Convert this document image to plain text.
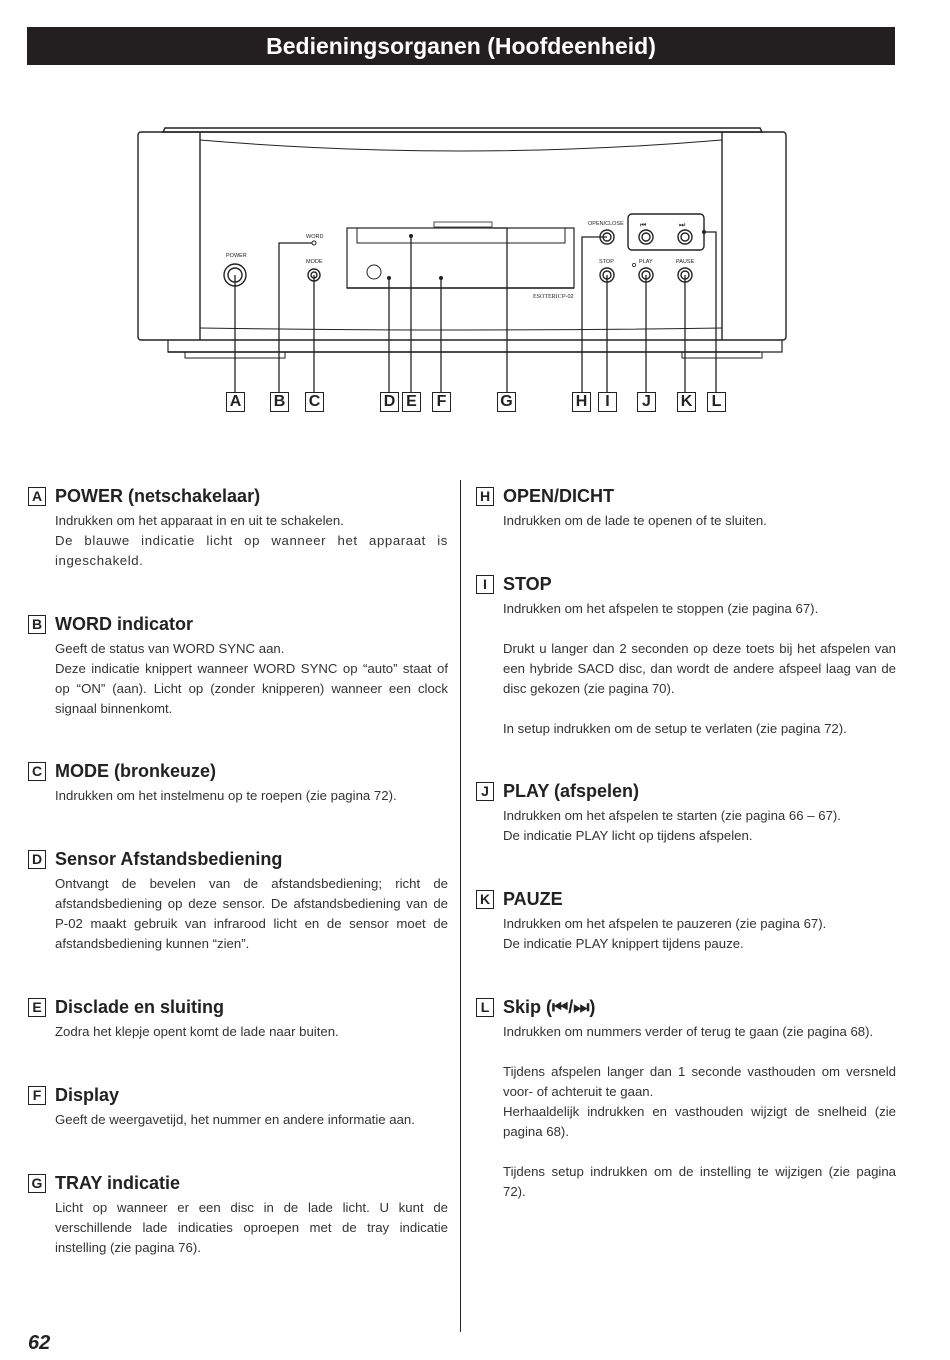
Bedieningsorganen (Hoofdeenheid)
POWER
WORD
MODE
OPEN/CLOSE
STOP	PLAY	PAUSE
ESOTERIC P-02
⏮	⏭
A B C	D E F	G	H	I	J	K L
A POWER (netschakelaar)

Indrukken om het apparaat in en uit te schakelen.

De blauwe indicatie licht op wanneer het apparaat is ingeschakeld.

B WORD indicator

Geeft de status van WORD SYNC aan.

Deze indicatie knippert wanneer WORD SYNC op “auto” staat of op “ON” (aan). Licht op (zonder knipperen) wanneer een clock signaal binnenkomt.

C MODE (bronkeuze)

Indrukken om het instelmenu op te roepen (zie pagina 72).

D Sensor Afstandsbediening

Ontvangt de bevelen van de afstandsbediening; richt de afstandsbediening op deze sensor. De afstandsbediening van de P-02 maakt gebruik van infrarood licht en de sensor moet de afstandsbediening kunnen “zien”.

E Disclade en sluiting

Zodra het klepje opent komt de lade naar buiten.

F Display

Geeft de weergavetijd, het nummer en andere informatie aan.

G TRAY indicatie

Licht op wanneer er een disc in de lade licht. U kunt de verschillende lade indicaties oproepen met de tray indicatie instelling (zie pagina 76).

H OPEN/DICHT

Indrukken om de lade te openen of te sluiten.

I STOP

Indrukken om het afspelen te stoppen (zie pagina 67).

Drukt u langer dan 2 seconden op deze toets bij het afspelen van een hybride SACD disc, dan wordt de andere afspeel laag van de disc gekozen (zie pagina 70).

In setup indrukken om de setup te verlaten (zie pagina 72).

J PLAY (afspelen)

Indrukken om het afspelen te starten (zie pagina 66 – 67).

De indicatie PLAY licht op tijdens afspelen.

K PAUZE

Indrukken om het afspelen te pauzeren (zie pagina 67).

De indicatie PLAY knippert tijdens pauze.

L Skip (⏮/⏭)

Indrukken om nummers verder of terug te gaan (zie pagina 68).

Tijdens afspelen langer dan 1 seconde vasthouden om versneld voor- of achteruit te gaan.

Herhaaldelijk indrukken en vasthouden wijzigt de snelheid (zie pagina 68).

Tijdens setup indrukken om de instelling te wijzigen (zie pagina 72).

62
